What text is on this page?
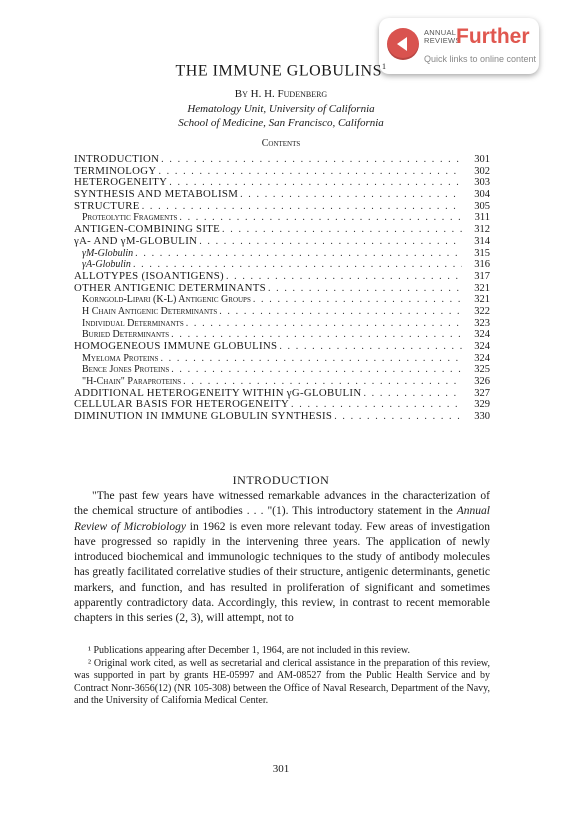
ANNUAL
REVIEWS
Further
Quick links to online content
THE IMMUNE GLOBULINS$^1$
By H. H. Fudenberg
Hematology Unit, University of California
School of Medicine, San Francisco, California
Contents
INTRODUCTION . . .	301
TERMINOLOGY . . .	302
HETEROGENEITY . . .	303
SYNTHESIS AND METABOLISM . . .	304
STRUCTURE . . .	305
Proteolytic Fragments . . .	311
ANTIGEN-COMBINING SITE . . .	312
γA- AND γM-GLOBULIN . . .	314
γM-Globulin . . .	315
γA-Globulin . . .	316
ALLOTYPES (ISOANTIGENS) . . .	317
OTHER ANTIGENIC DETERMINANTS . . .	321
Korngold-Lipari (K-L) Antigenic Groups . . .	321
H Chain Antigenic Determinants . . .	322
Individual Determinants . . .	323
Buried Determinants . . .	324
HOMOGENEOUS IMMUNE GLOBULINS . . .	324
Myeloma Proteins . . .	324
Bence Jones Proteins . . .	325
"H-Chain" Paraproteins . . .	326
ADDITIONAL HETEROGENEITY WITHIN γG-GLOBULIN . . .	327
CELLULAR BASIS FOR HETEROGENEITY . . .	329
DIMINUTION IN IMMUNE GLOBULIN SYNTHESIS . . .	330
INTRODUCTION

"The past few years have witnessed remarkable advances in the characterization of the chemical structure of antibodies . . . "(1). This introductory statement in the Annual Review of Microbiology in 1962 is even more relevant today. Few areas of investigation have progressed so rapidly in the intervening three years. The application of newly introduced biochemical and immunologic techniques to the study of antibody molecules has greatly facilitated correlative studies of their structure, antigenic determinants, genetic markers, and function, and has resulted in proliferation of significant and sometimes apparently contradictory data. Accordingly, this review, in contrast to recent memorable chapters in this series (2, 3), will attempt, not to

¹ Publications appearing after December 1, 1964, are not included in this review.

² Original work cited, as well as secretarial and clerical assistance in the preparation of this review, was supported in part by grants HE-05997 and AM-08527 from the Public Health Service and by Contract Nonr-3656(12) (NR 105-308) between the Office of Naval Research, Department of the Navy, and the University of California Medical Center.

301
